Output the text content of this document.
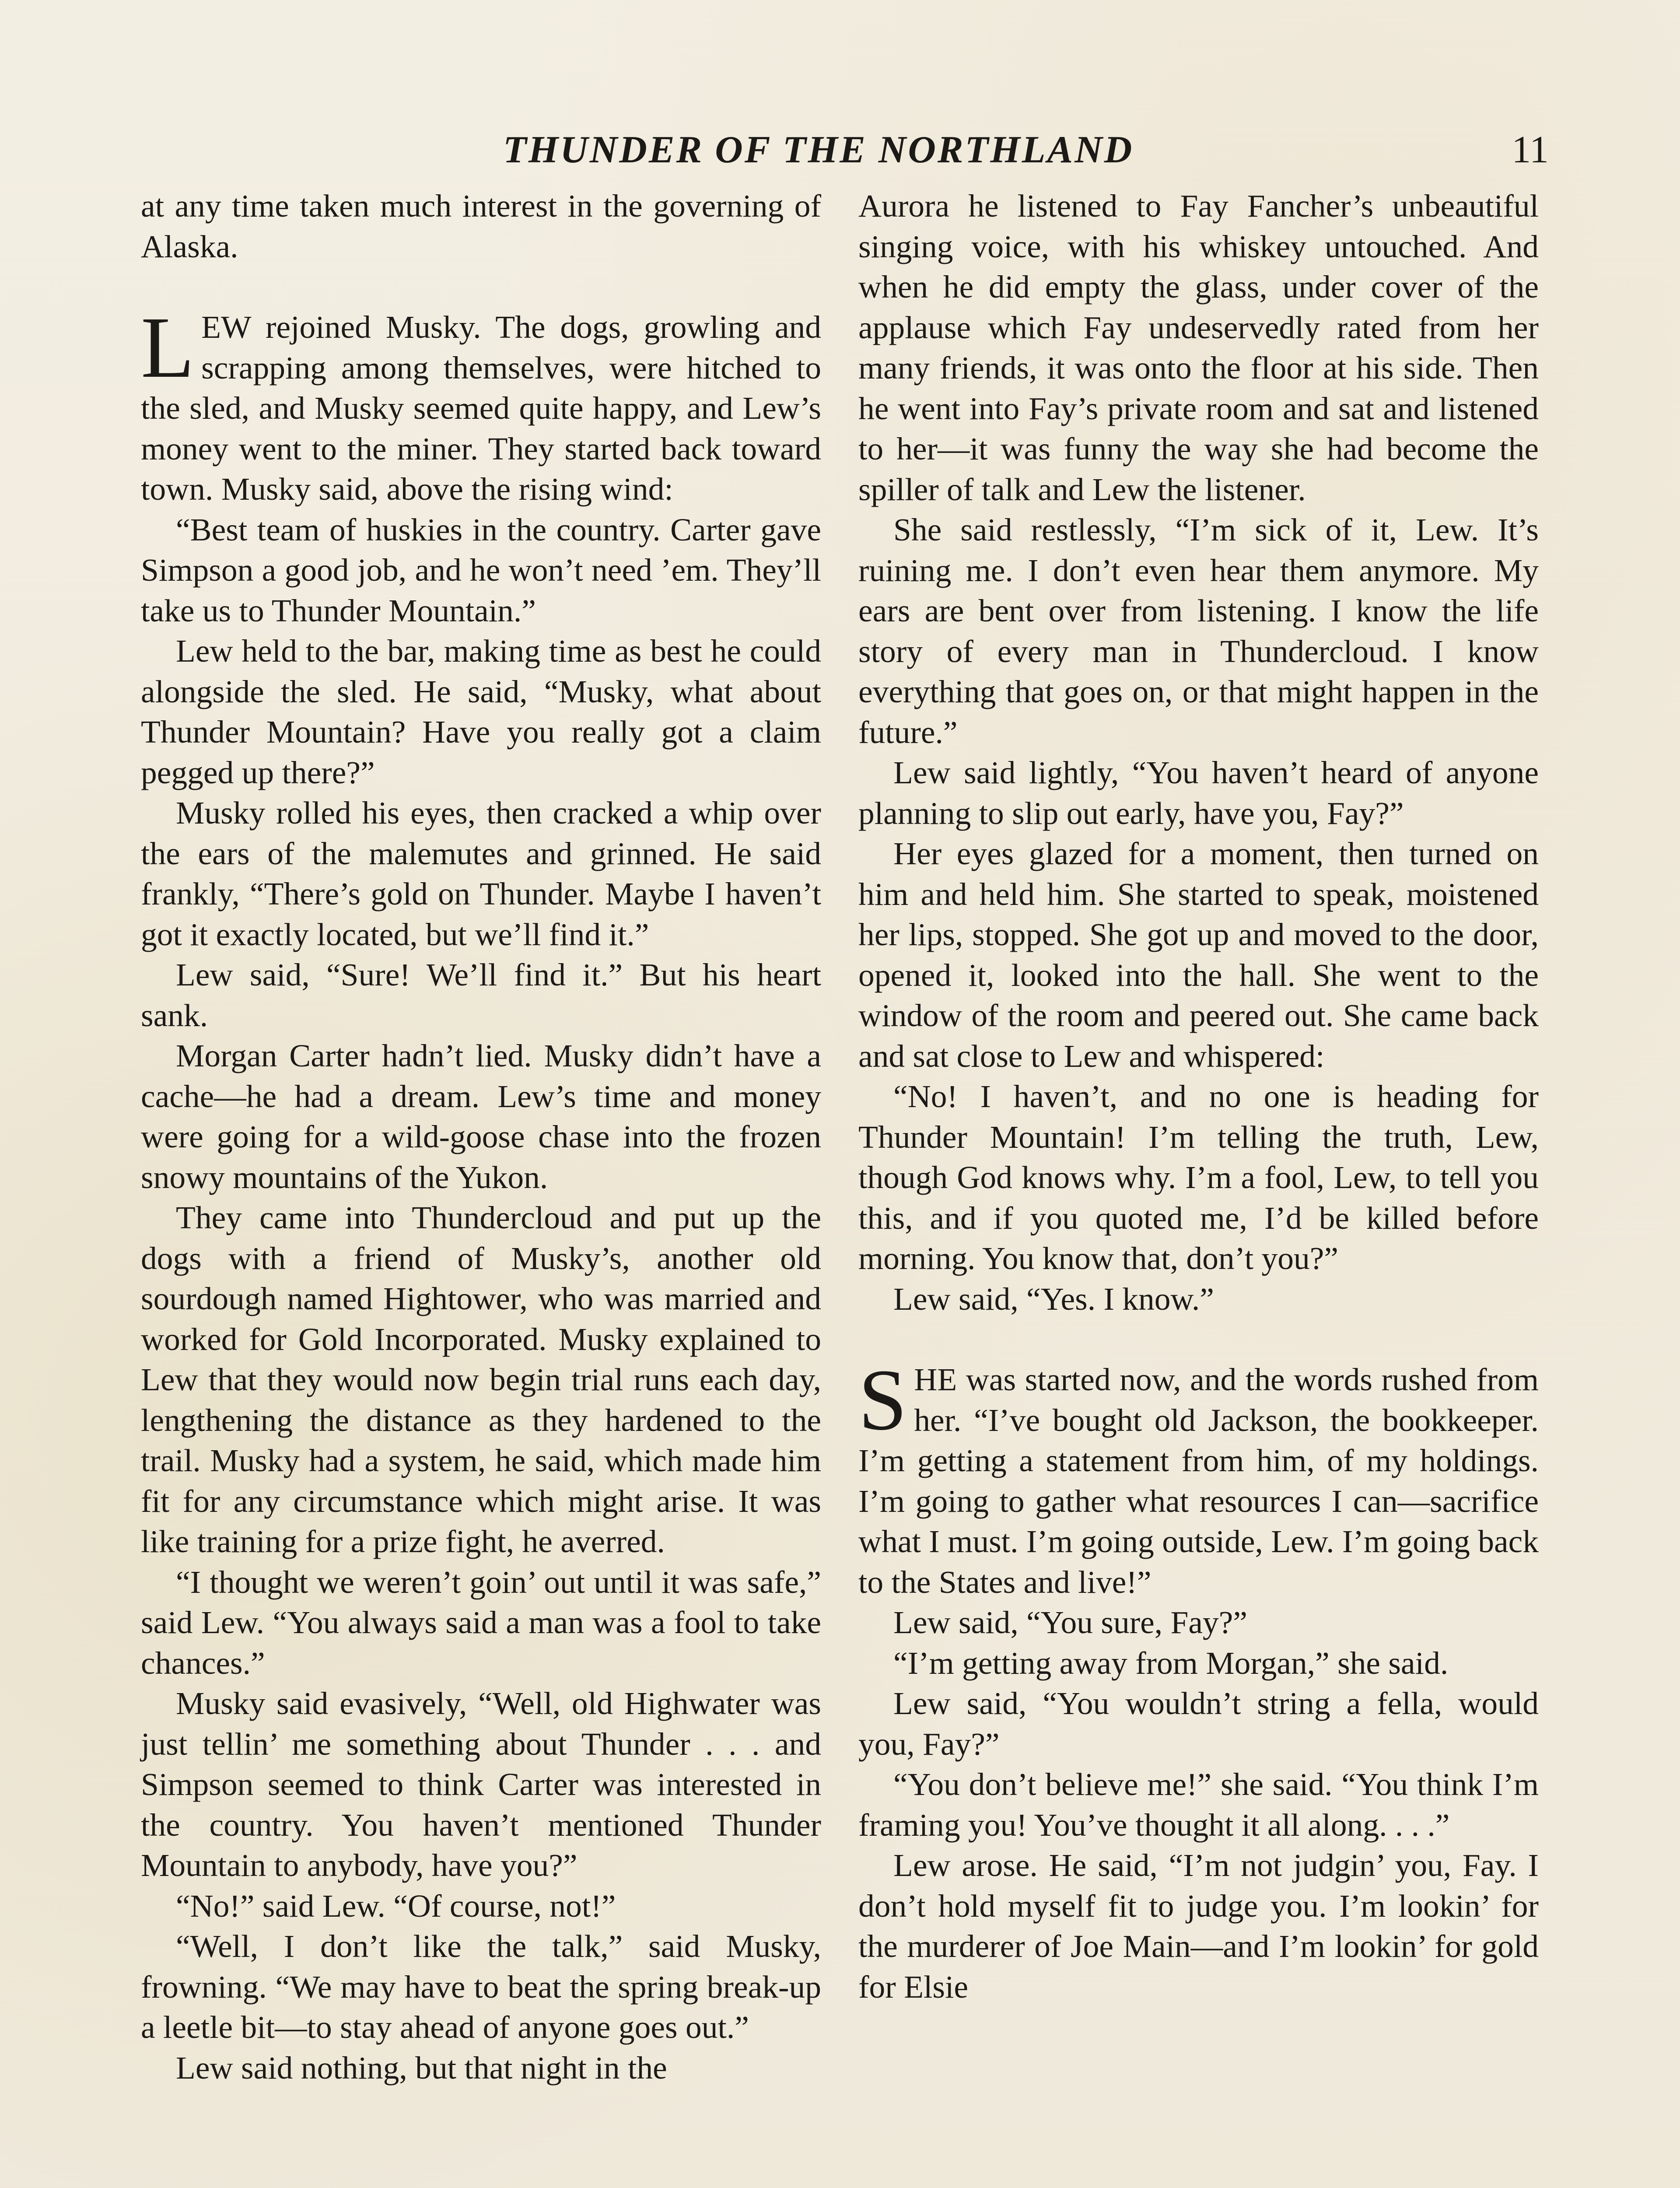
THUNDER OF THE NORTHLAND	11

at any time taken much interest in the governing of Alaska.

LEW rejoined Musky. The dogs, growling and scrapping among themselves, were hitched to the sled, and Musky seemed quite happy, and Lew’s money went to the miner. They started back toward town. Musky said, above the rising wind:

“Best team of huskies in the country. Carter gave Simpson a good job, and he won’t need ’em. They’ll take us to Thunder Mountain.”

Lew held to the bar, making time as best he could alongside the sled. He said, “Musky, what about Thunder Mountain? Have you really got a claim pegged up there?”

Musky rolled his eyes, then cracked a whip over the ears of the malemutes and grinned. He said frankly, “There’s gold on Thunder. Maybe I haven’t got it exactly located, but we’ll find it.”

Lew said, “Sure! We’ll find it.” But his heart sank.

Morgan Carter hadn’t lied. Musky didn’t have a cache—he had a dream. Lew’s time and money were going for a wild-goose chase into the frozen snowy mountains of the Yukon.

They came into Thundercloud and put up the dogs with a friend of Musky’s, another old sourdough named Hightower, who was married and worked for Gold Incorporated. Musky explained to Lew that they would now begin trial runs each day, lengthening the distance as they hardened to the trail. Musky had a system, he said, which made him fit for any circumstance which might arise. It was like training for a prize fight, he averred.

“I thought we weren’t goin’ out until it was safe,” said Lew. “You always said a man was a fool to take chances.”

Musky said evasively, “Well, old Highwater was just tellin’ me something about Thunder . . . and Simpson seemed to think Carter was interested in the country. You haven’t mentioned Thunder Mountain to anybody, have you?”

“No!” said Lew. “Of course, not!”

“Well, I don’t like the talk,” said Musky, frowning. “We may have to beat the spring break-up a leetle bit—to stay ahead of anyone goes out.”

Lew said nothing, but that night in the

Aurora he listened to Fay Fancher’s unbeautiful singing voice, with his whiskey untouched. And when he did empty the glass, under cover of the applause which Fay undeservedly rated from her many friends, it was onto the floor at his side. Then he went into Fay’s private room and sat and listened to her—it was funny the way she had become the spiller of talk and Lew the listener.

She said restlessly, “I’m sick of it, Lew. It’s ruining me. I don’t even hear them anymore. My ears are bent over from listening. I know the life story of every man in Thundercloud. I know everything that goes on, or that might happen in the future.”

Lew said lightly, “You haven’t heard of anyone planning to slip out early, have you, Fay?”

Her eyes glazed for a moment, then turned on him and held him. She started to speak, moistened her lips, stopped. She got up and moved to the door, opened it, looked into the hall. She went to the window of the room and peered out. She came back and sat close to Lew and whispered:

“No! I haven’t, and no one is heading for Thunder Mountain! I’m telling the truth, Lew, though God knows why. I’m a fool, Lew, to tell you this, and if you quoted me, I’d be killed before morning. You know that, don’t you?”

Lew said, “Yes. I know.”

SHE was started now, and the words rushed from her. “I’ve bought old Jackson, the bookkeeper. I’m getting a statement from him, of my holdings. I’m going to gather what resources I can—sacrifice what I must. I’m going outside, Lew. I’m going back to the States and live!”

Lew said, “You sure, Fay?”

“I’m getting away from Morgan,” she said.

Lew said, “You wouldn’t string a fella, would you, Fay?”

“You don’t believe me!” she said. “You think I’m framing you! You’ve thought it all along. . . .”

Lew arose. He said, “I’m not judgin’ you, Fay. I don’t hold myself fit to judge you. I’m lookin’ for the murderer of Joe Main—and I’m lookin’ for gold for Elsie
